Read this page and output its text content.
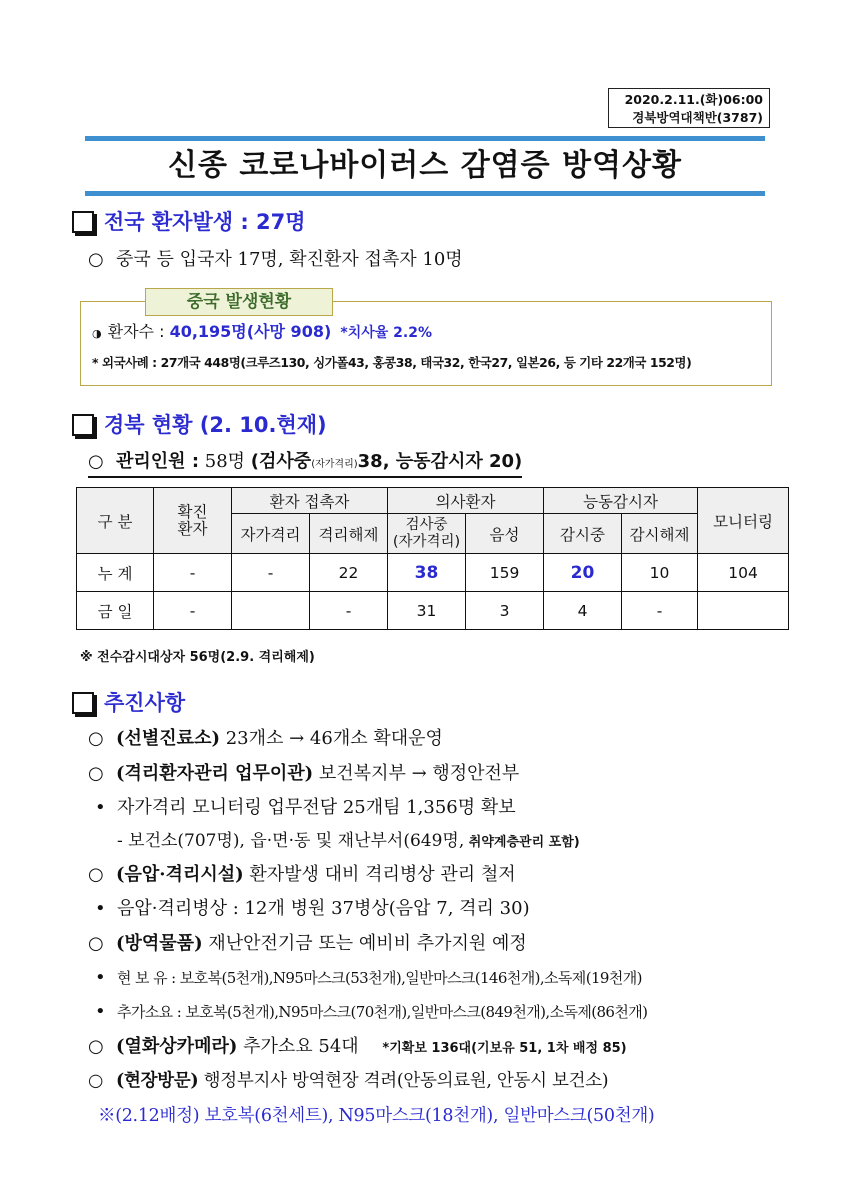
2020.2.11.(화)06:00
경북방역대책반(3787)
신종 코로나바이러스 감염증 방역상황
전국 환자발생 : 27명
○ 중국 등 입국자 17명, 확진환자 접촉자 10명
중국 발생현황
◑ 환자수 : 40,195명(사망 908) *치사율 2.2%
* 외국사례 : 27개국 448명(크루즈130, 싱가폴43, 홍콩38, 태국32, 한국27, 일본26, 등 기타 22개국 152명)
경북 현황 (2. 10.현재)
○ 관리인원 : 58명 (검사중(자가격리)38, 능동감시자 20)
구 분	확진
환자	환자 접촉자		의사환자		능동감시자		모니터링
		자가격리	격리해제	검사중
(자가격리)	음성	감시중	감시해제	
누 계	-	-	22	38	159	20	10	104
금 일	-		-	31	3	4	-	
※ 전수감시대상자 56명(2.9. 격리해제)
추진사항
○ (선별진료소) 23개소 → 46개소 확대운영
○ (격리환자관리 업무이관) 보건복지부 → 행정안전부
• 자가격리 모니터링 업무전담 25개팀 1,356명 확보
- 보건소(707명), 읍·면·동 및 재난부서(649명, 취약계층관리 포함)
○ (음압·격리시설) 환자발생 대비 격리병상 관리 철저
• 음압·격리병상 : 12개 병원 37병상(음압 7, 격리 30)
○ (방역물품) 재난안전기금 또는 예비비 추가지원 예정
• 현 보 유 : 보호복(5천개),N95마스크(53천개),일반마스크(146천개),소독제(19천개)
• 추가소요 : 보호복(5천개),N95마스크(70천개),일반마스크(849천개),소독제(86천개)
○ (열화상카메라) 추가소요 54대 *기확보 136대(기보유 51, 1차 배정 85)
○ (현장방문) 행정부지사 방역현장 격려(안동의료원, 안동시 보건소)
※(2.12배정) 보호복(6천세트), N95마스크(18천개), 일반마스크(50천개)
